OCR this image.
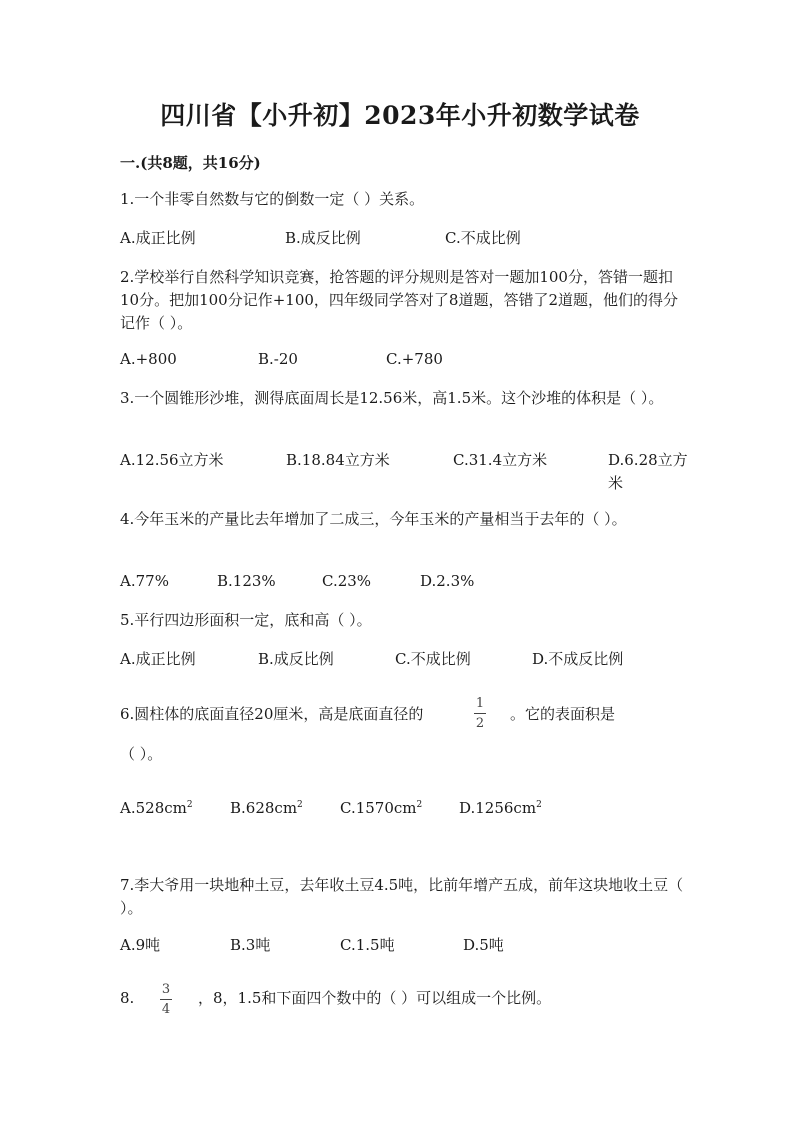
四川省【小升初】2023年小升初数学试卷
一.(共8题，共16分)
1.一个非零自然数与它的倒数一定（ ）关系。
A.成正比例	B.成反比例	C.不成比例
2.学校举行自然科学知识竞赛，抢答题的评分规则是答对一题加100分，答错一题扣10分。把加100分记作+100，四年级同学答对了8道题，答错了2道题，他们的得分记作（ ）。
A.+800	B.-20	C.+780
3.一个圆锥形沙堆，测得底面周长是12.56米，高1.5米。这个沙堆的体积是（ ）。
A.12.56立方米	B.18.84立方米	C.31.4立方米	D.6.28立方米
4.今年玉米的产量比去年增加了二成三，今年玉米的产量相当于去年的（ ）。
A.77%	B.123%	C.23%	D.2.3%
5.平行四边形面积一定，底和高（ ）。
A.成正比例	B.成反比例	C.不成比例	D.不成反比例
6.圆柱体的底面直径20厘米，高是底面直径的
1
2
。它的表面积是
（ ）。
$A.528cm^2$ $B.628cm^2$ $C.1570cm^2$ $D.1256cm^2$
7.李大爷用一块地种土豆，去年收土豆4.5吨，比前年增产五成，前年这块地收土豆（ ）。
A.9吨	B.3吨	C.1.5吨	D.5吨
8.	3
4
，8，1.5和下面四个数中的（ ）可以组成一个比例。
